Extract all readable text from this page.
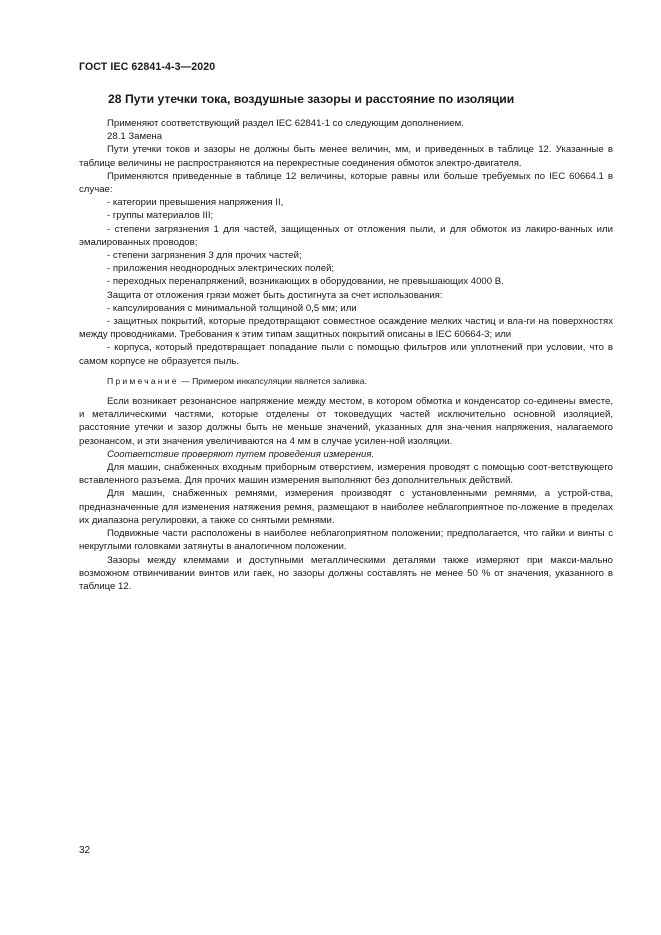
ГОСТ IEC 62841-4-3—2020
28 Пути утечки тока, воздушные зазоры и расстояние по изоляции

Применяют соответствующий раздел IEC 62841-1 со следующим дополнением.

28.1 Замена

Пути утечки токов и зазоры не должны быть менее величин, мм, и приведенных в таблице 12. Указанные в таблице величины не распространяются на перекрестные соединения обмоток электро-двигателя.

Применяются приведенные в таблице 12 величины, которые равны или больше требуемых по IEC 60664.1 в случае:

- категории превышения напряжения II,

- группы материалов III;

- степени загрязнения 1 для частей, защищенных от отложения пыли, и для обмоток из лакиро-ванных или эмалированных проводов;

- степени загрязнения 3 для прочих частей;

- приложения неоднородных электрических полей;

- переходных перенапряжений, возникающих в оборудовании, не превышающих 4000 В.

Защита от отложения грязи может быть достигнута за счет использования:

- капсулирования с минимальной толщиной 0,5 мм; или

- защитных покрытий, которые предотвращают совместное осаждение мелких частиц и вла-ги на поверхностях между проводниками. Требования к этим типам защитных покрытий описаны в IEC 60664-3; или

- корпуса, который предотвращает попадание пыли с помощью фильтров или уплотнений при условии, что в самом корпусе не образуется пыль.

Примечание — Примером инкапсуляции является заливка.

Если возникает резонансное напряжение между местом, в котором обмотка и конденсатор со-единены вместе, и металлическими частями, которые отделены от токоведущих частей исключительно основной изоляцией, расстояние утечки и зазор должны быть не меньше значений, указанных для зна-чения напряжения, налагаемого резонансом, и эти значения увеличиваются на 4 мм в случае усилен-ной изоляции.

Соответствие проверяют путем проведения измерения.

Для машин, снабженных входным приборным отверстием, измерения проводят с помощью соот-ветствующего вставленного разъема. Для прочих машин измерения выполняют без дополнительных действий.

Для машин, снабженных ремнями, измерения производят с установленными ремнями, а устрой-ства, предназначенные для изменения натяжения ремня, размещают в наиболее неблагоприятное по-ложение в пределах их диапазона регулировки, а также со снятыми ремнями.

Подвижные части расположены в наиболее неблагоприятном положении; предполагается, что гайки и винты с некруглыми головками затянуты в аналогичном положении.

Зазоры между клеммами и доступными металлическими деталями также измеряют при макси-мально возможном отвинчивании винтов или гаек, но зазоры должны составлять не менее 50 % от значения, указанного в таблице 12.

32
